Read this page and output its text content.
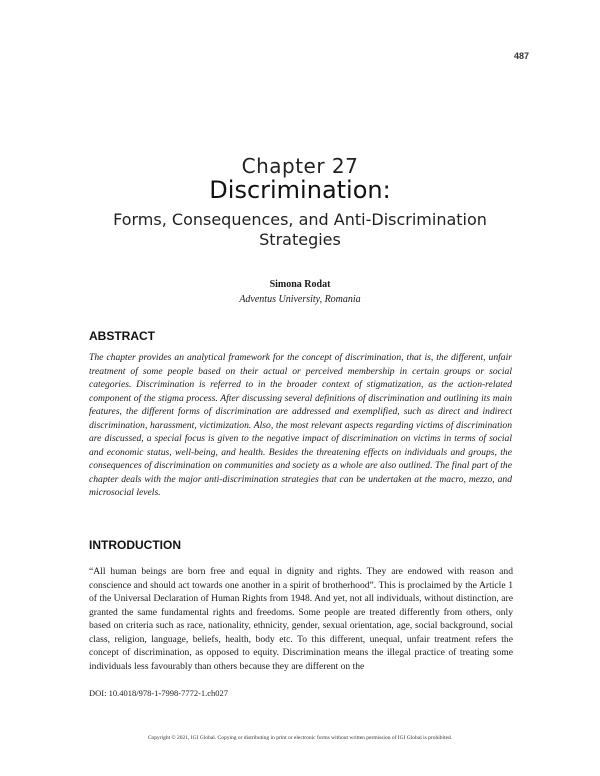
487
Chapter 27
Discrimination:
Forms, Consequences, and Anti-Discrimination Strategies
Simona Rodat
Adventus University, Romania
ABSTRACT

The chapter provides an analytical framework for the concept of discrimination, that is, the different, unfair treatment of some people based on their actual or perceived membership in certain groups or social categories. Discrimination is referred to in the broader context of stigmatization, as the action-related component of the stigma process. After discussing several definitions of discrimination and outlining its main features, the different forms of discrimination are addressed and exemplified, such as direct and indirect discrimination, harassment, victimization. Also, the most relevant aspects regarding victims of discrimination are discussed, a special focus is given to the negative impact of discrimination on victims in terms of social and economic status, well-being, and health. Besides the threatening effects on individuals and groups, the consequences of discrimination on communities and society as a whole are also outlined. The final part of the chapter deals with the major anti-discrimination strategies that can be undertaken at the macro, mezzo, and microsocial levels.

INTRODUCTION

“All human beings are born free and equal in dignity and rights. They are endowed with reason and conscience and should act towards one another in a spirit of brotherhood”. This is proclaimed by the Article 1 of the Universal Declaration of Human Rights from 1948. And yet, not all individuals, without distinction, are granted the same fundamental rights and freedoms. Some people are treated differently from others, only based on criteria such as race, nationality, ethnicity, gender, sexual orientation, age, social background, social class, religion, language, beliefs, health, body etc. To this different, unequal, unfair treatment refers the concept of discrimination, as opposed to equity. Discrimination means the illegal practice of treating some individuals less favourably than others because they are different on the

DOI: 10.4018/978-1-7998-7772-1.ch027
Copyright © 2021, IGI Global. Copying or distributing in print or electronic forms without written permission of IGI Global is prohibited.
